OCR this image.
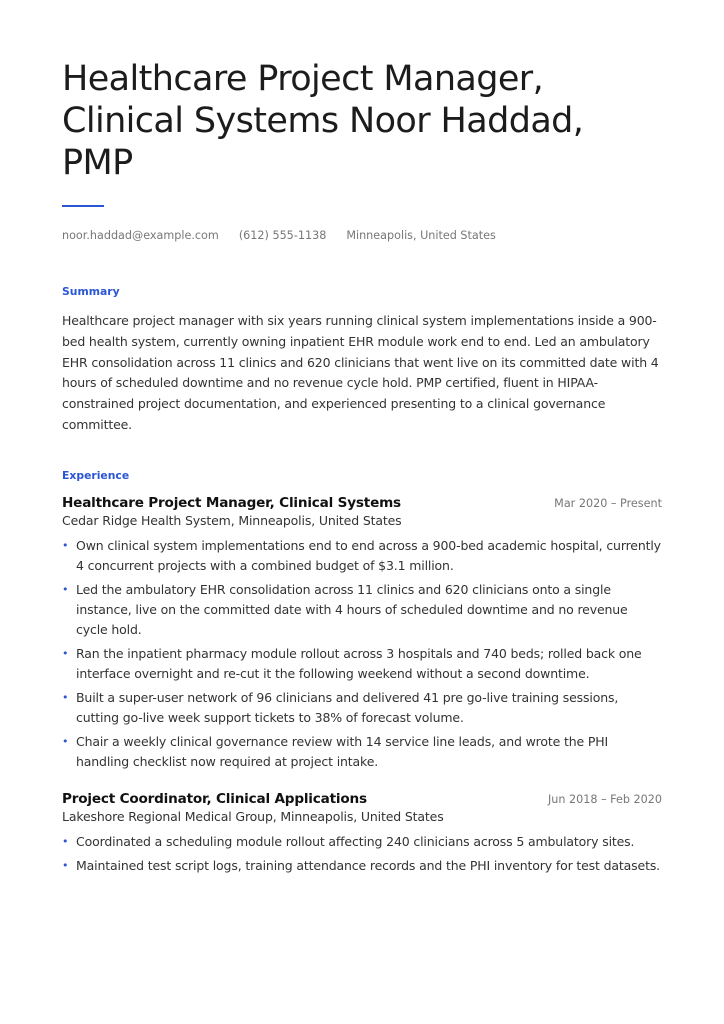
Healthcare Project Manager, Clinical Systems Noor Haddad, PMP
noor.haddad@example.com (612) 555-1138 Minneapolis, United States
Summary

Healthcare project manager with six years running clinical system implementations inside a 900-bed health system, currently owning inpatient EHR module work end to end. Led an ambulatory EHR consolidation across 11 clinics and 620 clinicians that went live on its committed date with 4 hours of scheduled downtime and no revenue cycle hold. PMP certified, fluent in HIPAA-constrained project documentation, and experienced presenting to a clinical governance committee.

Experience
Healthcare Project Manager, Clinical Systems	Mar 2020 – Present
Cedar Ridge Health System, Minneapolis, United States
• Own clinical system implementations end to end across a 900-bed academic hospital, currently 4 concurrent projects with a combined budget of $3.1 million.
• Led the ambulatory EHR consolidation across 11 clinics and 620 clinicians onto a single instance, live on the committed date with 4 hours of scheduled downtime and no revenue cycle hold.
• Ran the inpatient pharmacy module rollout across 3 hospitals and 740 beds; rolled back one interface overnight and re-cut it the following weekend without a second downtime.
• Built a super-user network of 96 clinicians and delivered 41 pre go-live training sessions, cutting go-live week support tickets to 38% of forecast volume.
• Chair a weekly clinical governance review with 14 service line leads, and wrote the PHI handling checklist now required at project intake.
Project Coordinator, Clinical Applications	Jun 2018 – Feb 2020
Lakeshore Regional Medical Group, Minneapolis, United States
• Coordinated a scheduling module rollout affecting 240 clinicians across 5 ambulatory sites.
• Maintained test script logs, training attendance records and the PHI inventory for test datasets.
